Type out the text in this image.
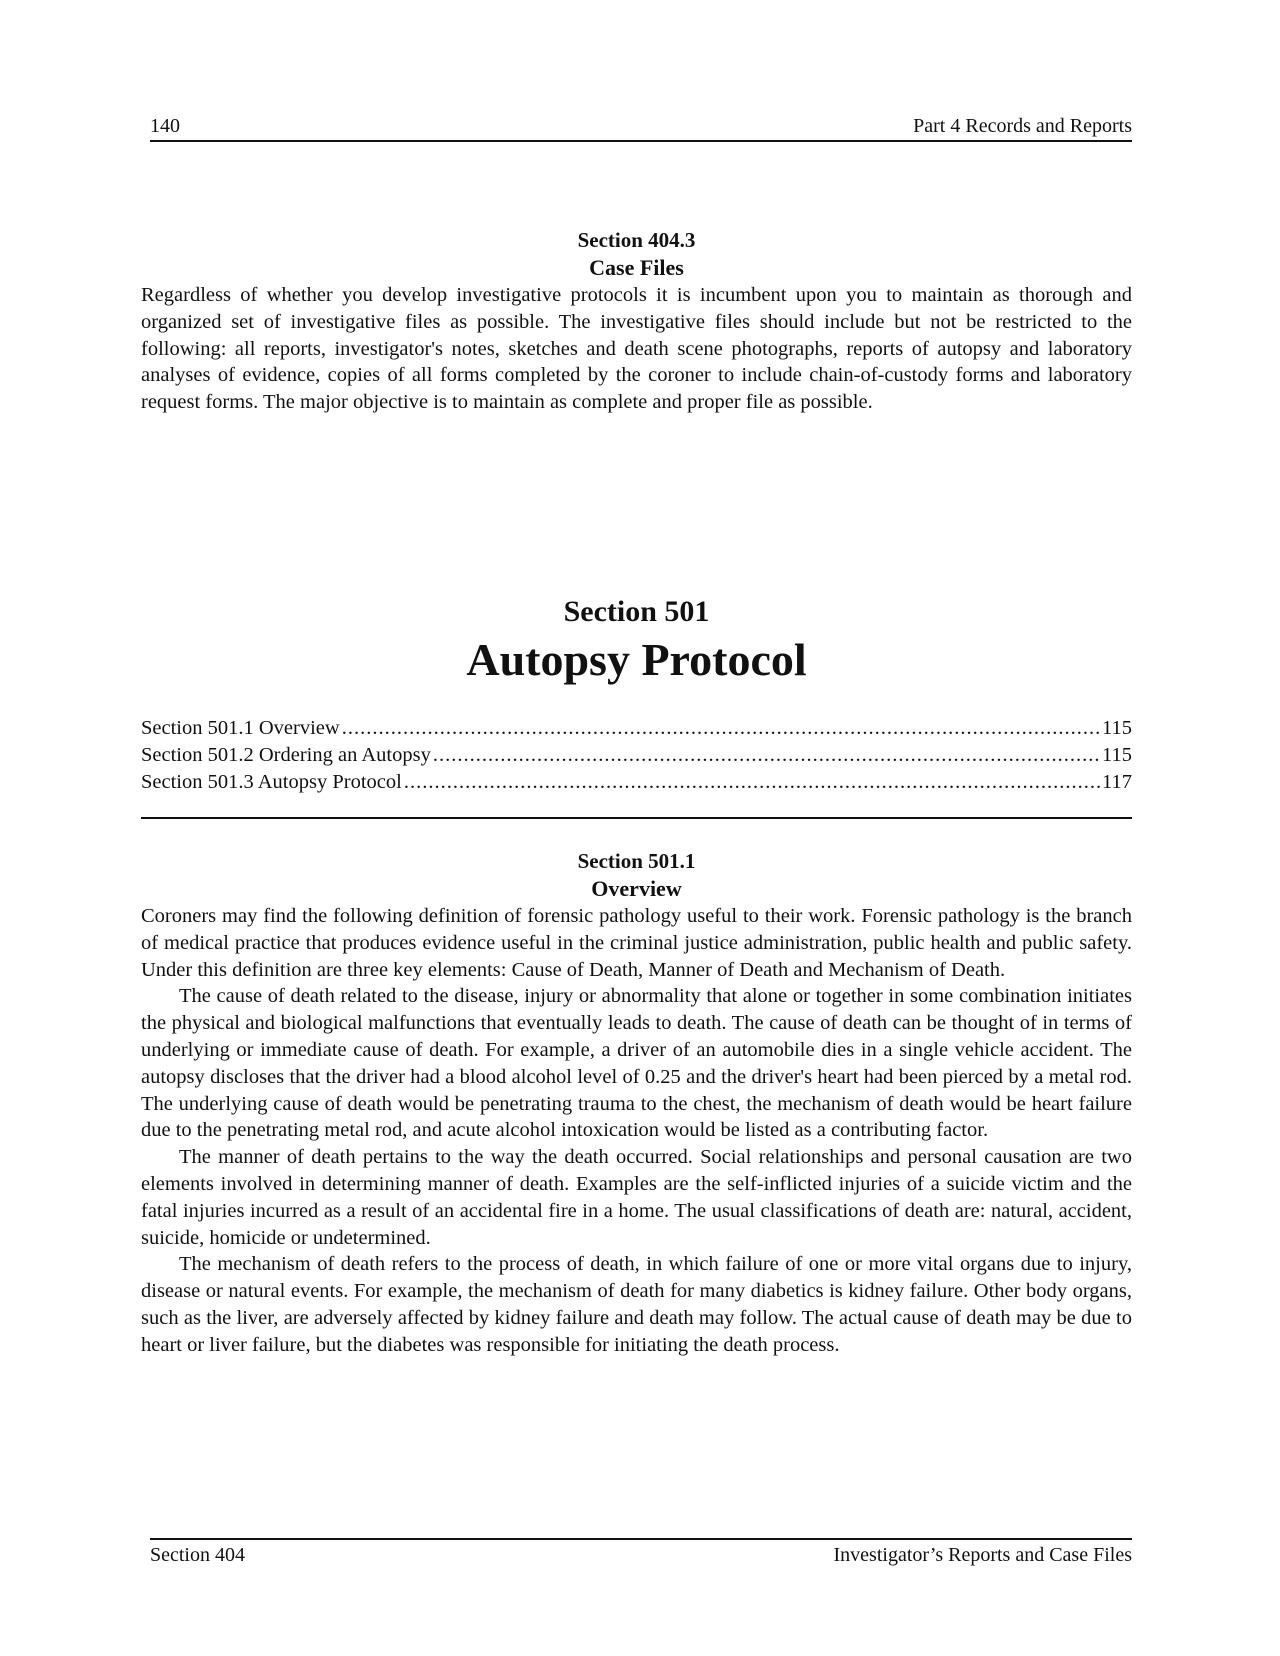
140	Part 4 Records and Reports
Section 404.3
Case Files

Regardless of whether you develop investigative protocols it is incumbent upon you to maintain as thorough and organized set of investigative files as possible. The investigative files should include but not be restricted to the following: all reports, investigator's notes, sketches and death scene photographs, reports of autopsy and laboratory analyses of evidence, copies of all forms completed by the coroner to include chain-of-custody forms and laboratory request forms. The major objective is to maintain as complete and proper file as possible.

Section 501
Autopsy Protocol
Section 501.1 Overview .....	115
Section 501.2 Ordering an Autopsy .....	115
Section 501.3 Autopsy Protocol .....	117
Section 501.1
Overview

Coroners may find the following definition of forensic pathology useful to their work. Forensic pathology is the branch of medical practice that produces evidence useful in the criminal justice administration, public health and public safety. Under this definition are three key elements: Cause of Death, Manner of Death and Mechanism of Death.

The cause of death related to the disease, injury or abnormality that alone or together in some combination initiates the physical and biological malfunctions that eventually leads to death. The cause of death can be thought of in terms of underlying or immediate cause of death. For example, a driver of an automobile dies in a single vehicle accident. The autopsy discloses that the driver had a blood alcohol level of 0.25 and the driver's heart had been pierced by a metal rod. The underlying cause of death would be penetrating trauma to the chest, the mechanism of death would be heart failure due to the penetrating metal rod, and acute alcohol intoxication would be listed as a contributing factor.

The manner of death pertains to the way the death occurred. Social relationships and personal causation are two elements involved in determining manner of death. Examples are the self-inflicted injuries of a suicide victim and the fatal injuries incurred as a result of an accidental fire in a home. The usual classifications of death are: natural, accident, suicide, homicide or undetermined.

The mechanism of death refers to the process of death, in which failure of one or more vital organs due to injury, disease or natural events. For example, the mechanism of death for many diabetics is kidney failure. Other body organs, such as the liver, are adversely affected by kidney failure and death may follow. The actual cause of death may be due to heart or liver failure, but the diabetes was responsible for initiating the death process.

Section 404	Investigator’s Reports and Case Files
